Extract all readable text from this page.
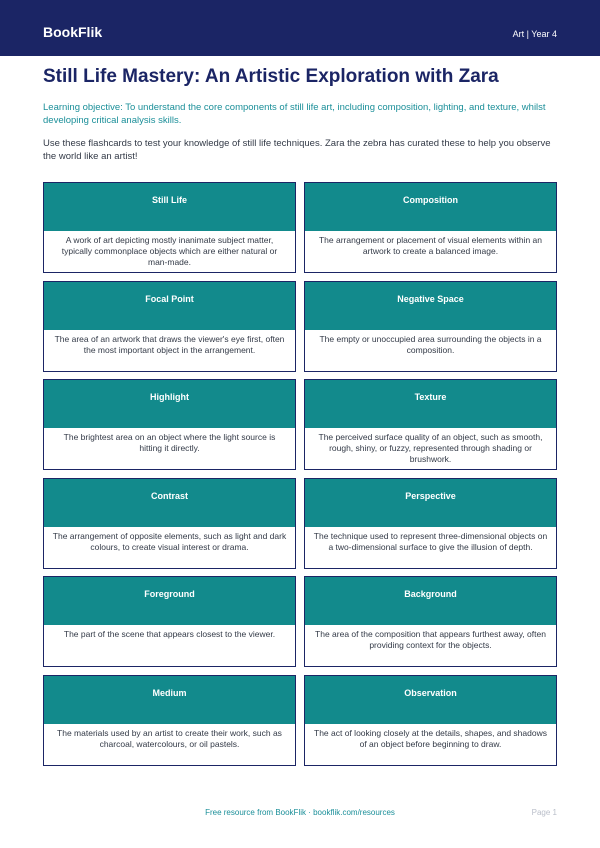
BookFlik	Art | Year 4
Still Life Mastery: An Artistic Exploration with Zara
Learning objective: To understand the core components of still life art, including composition, lighting, and texture, whilst developing critical analysis skills.
Use these flashcards to test your knowledge of still life techniques. Zara the zebra has curated these to help you observe the world like an artist!
Still Life
A work of art depicting mostly inanimate subject matter, typically commonplace objects which are either natural or man-made.
Composition
The arrangement or placement of visual elements within an artwork to create a balanced image.
Focal Point
The area of an artwork that draws the viewer's eye first, often the most important object in the arrangement.
Negative Space
The empty or unoccupied area surrounding the objects in a composition.
Highlight
The brightest area on an object where the light source is hitting it directly.
Texture
The perceived surface quality of an object, such as smooth, rough, shiny, or fuzzy, represented through shading or brushwork.
Contrast
The arrangement of opposite elements, such as light and dark colours, to create visual interest or drama.
Perspective
The technique used to represent three-dimensional objects on a two-dimensional surface to give the illusion of depth.
Foreground
The part of the scene that appears closest to the viewer.
Background
The area of the composition that appears furthest away, often providing context for the objects.
Medium
The materials used by an artist to create their work, such as charcoal, watercolours, or oil pastels.
Observation
The act of looking closely at the details, shapes, and shadows of an object before beginning to draw.
Free resource from BookFlik · bookflik.com/resources	Page 1
